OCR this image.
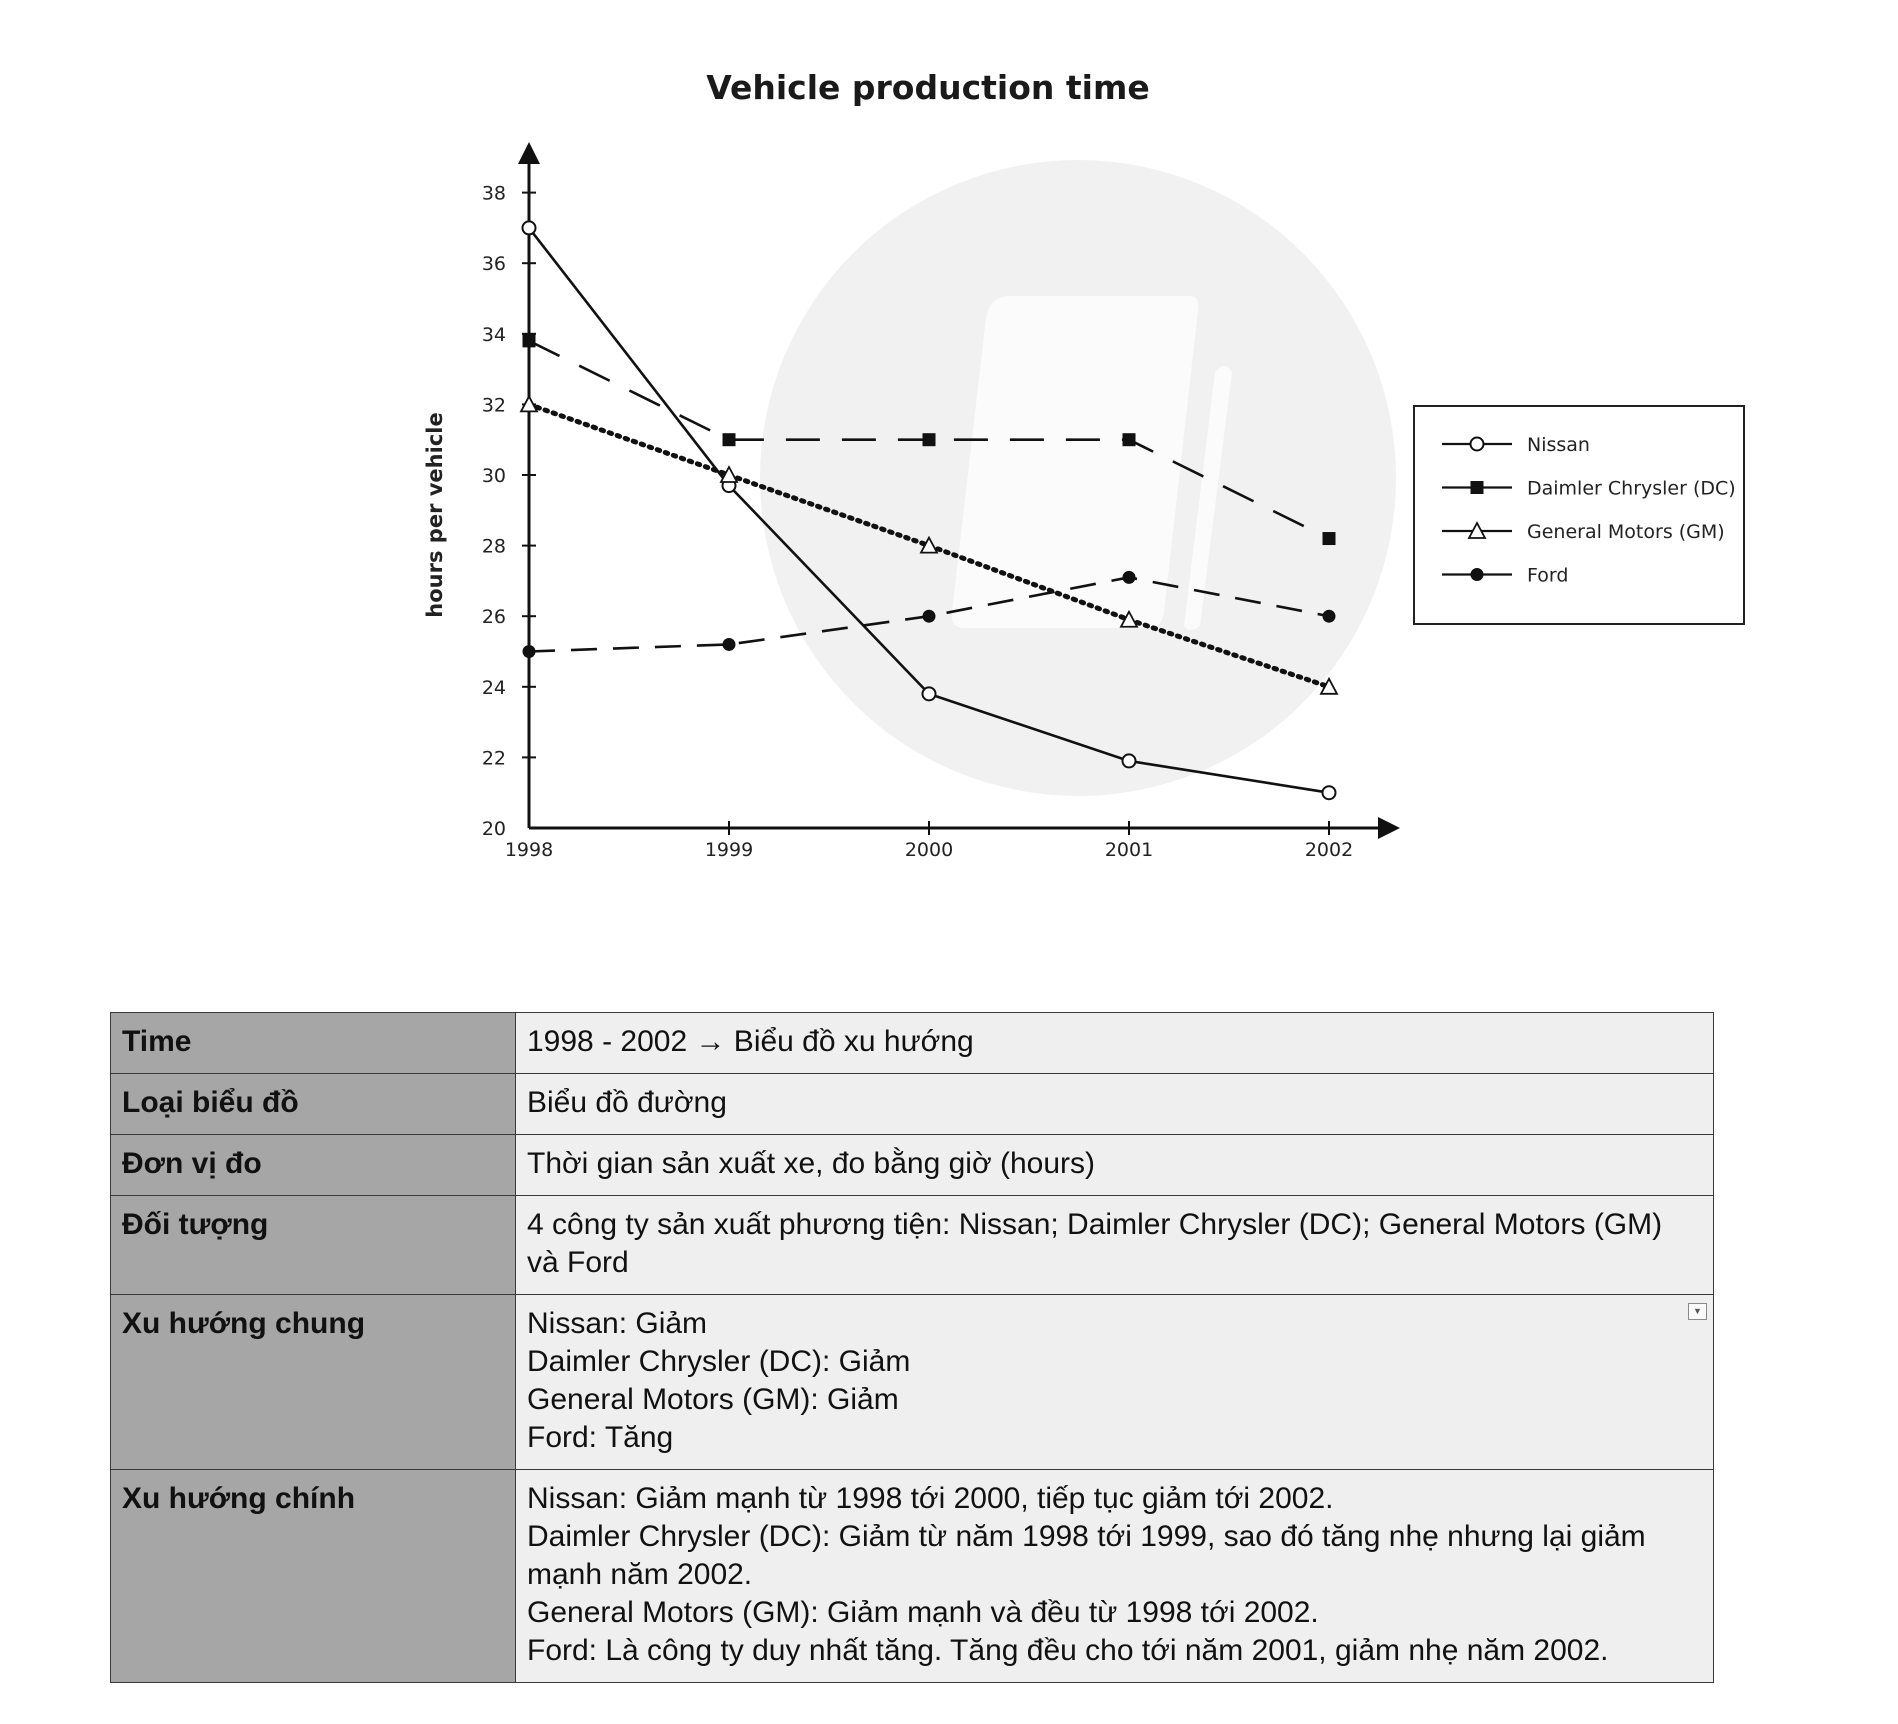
Vehicle production time
hours per vehicle
20
22
24
26
28
30
32
34
36
38
1998	1999	2000	2001	2002
Nissan
Daimler Chrysler (DC)
General Motors (GM)
Ford
Time	1998 - 2002 → Biểu đồ xu hướng

Loại biểu đồ	Biểu đồ đường

Đơn vị đo	Thời gian sản xuất xe, đo bằng giờ (hours)

Đối tượng	4 công ty sản xuất phương tiện: Nissan; Daimler Chrysler (DC); General Motors (GM) và Ford

Xu hướng chung	Nissan: Giảm
Daimler Chrysler (DC): Giảm
General Motors (GM): Giảm
Ford: Tăng
▼

Xu hướng chính	Nissan: Giảm mạnh từ 1998 tới 2000, tiếp tục giảm tới 2002.
Daimler Chrysler (DC): Giảm từ năm 1998 tới 1999, sao đó tăng nhẹ nhưng lại giảm mạnh năm 2002.
General Motors (GM): Giảm mạnh và đều từ 1998 tới 2002.
Ford: Là công ty duy nhất tăng. Tăng đều cho tới năm 2001, giảm nhẹ năm 2002.
